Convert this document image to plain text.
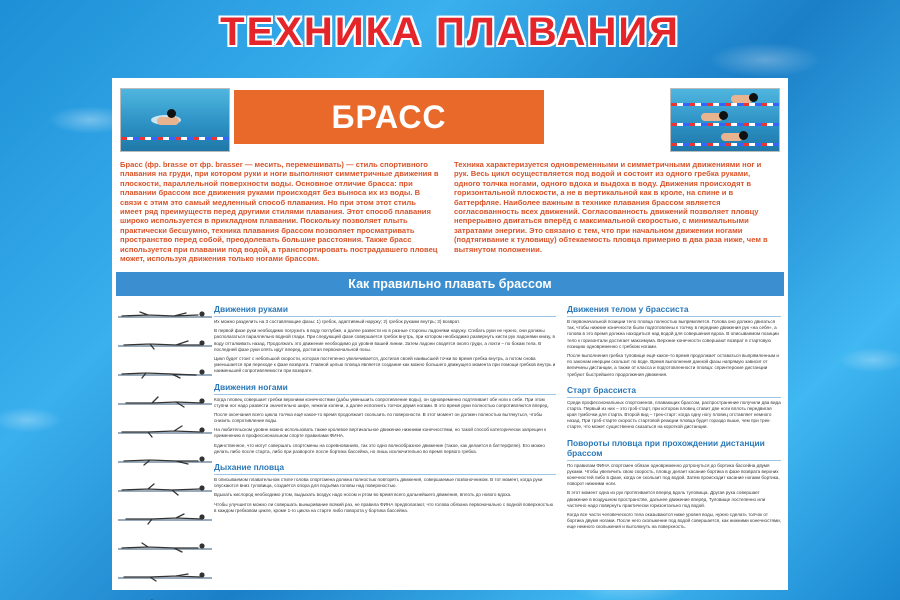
ТЕХНИКА ПЛАВАНИЯ
БРАСС
Брасс (фр. brasse от фр. brasser — месить, перемешивать) — стиль спортивного плавания на груди, при котором руки и ноги выполняют симметричные движения в плоскости, параллельной поверхности воды. Основное отличие брасса: при плавании брассом все движения руками происходят без выноса их из воды. В связи с этим это самый медленный способ плавания. Но при этом этот стиль имеет ряд преимуществ перед другими стилями плавания. Этот способ плавания широко используется в прикладном плавании. Поскольку позволяет плыть практически бесшумно, техника плавания брассом позволяет просматривать пространство перед собой, преодолевать большие расстояния. Также брасс используется при плавании под водой, а транспортировать пострадавшего пловец может, используя движения только ногами брассом.
Техника характеризуется одновременными и симметричными движениями ног и рук. Весь цикл осуществляется под водой и состоит из одного гребка руками, одного толчка ногами, одного вдоха и выдоха в воду. Движения происходят в горизонтальной плоскости, а не в вертикальной как в кроле, на спине и в баттерфляе. Наиболее важным в технике плавания брассом является согласованность всех движений. Согласованность движений позволяет пловцу непрерывно двигаться вперёд с максимальной скоростью, с минимальными затратами энергии. Это связано с тем, что при начальном движении ногами (подтягивание к туловищу) обтекаемость пловца примерно в два раза ниже, чем в вытянутом положении.
Как правильно плавать брассом
Движения руками

Их можно разделить на 3 составляющие фазы: 1) гребок, адаптивный наружу; 2) гребок руками внутрь; 3) возврат.

В первой фазе руки необходимо погрузить в воду поглубже, а далее развести их в разные стороны ладонями наружу. Сгибать руки не нужно, они должны располагаться параллельно водной глади. При следующей фазе совершается гребок внутрь, при котором необходимо развернуть кисти рук ладонями книзу, в воду отталкивать назад. Продолжать это движение необходимо до уровня вашей линии. Затем ладони сводятся около груди, а локти – по бокам тела. В последней фазе руки опять идут вперед, достигая первоначальной позы.

Цикл будет стоит с небольшой скорости, которая постепенно увеличивается, достигая своей наивысшей точки во время гребка внутрь, а потом снова уменьшается при переходе к фазе возврата. Главной целью пловца является создание как можно большего движущего момента при помощи гребков внутрь и наименьшей сопротивляемости при возврате.

Движения ногами

Когда пловец совершает гребки верхними конечностями (дабы уменьшить сопротивление воды), он одновременно подтягивает обе ноги к себе. При этом ступни ног надо развести значительно шире, нежели колени, а далее исполнить толчок двумя ногами. В это время руки полностью сопротивляются вперед.

После окончания всего цикла толчка ещё какое-то время продолжает скользить по поверхности. В этот момент он должен полностью вытянуться, чтобы снизить сопротивление воды.

На любительском уровне можно использовать также кролевое вертикальное движение нижними конечностями, но такой способ категорически запрещен к применению в профессиональном спорте правилами ФИНА.

Единственное, что могут совершать спортсмены на соревнованиях, так это одно волнообразное движение (такое, как делается в баттерфляе). Его можно делать либо после старта, либо при разворотe после бортика бассейна, но лишь исключительно во время первого гребка.

Дыхание пловца

В описываемом плавательном стиле голова спортсмена должна полностью повторять движения, совершаемые позвоночником. В тот момент, когда руки опускаются вниз туловища, создаётся опора для подъёма головы над поверхностью.

Вдыхать кислород необходимо ртом, выдыхать воздух надо носом и ртом во время всего дальнейшего движения, вплоть до нового вдоха.

Чтобы улучшится можно ли совершать выныривание всякий раз, не правила ФИНА предполагают, что голова обязана первоначально с водной поверхностью в каждом гребковом цикле, кроме 1-го цикла на старте либо поворота у бортика бассейна.

Движения телом у брассиста

В первоначальной позиции тело пловца полностью выпрямляется. Голова оно должно двигаться так, чтобы нижние конечности были подготовлены к толчку в передние движения рук «на себя», а голова в это время должна находиться над водой для совершения вдоха. В описываемом позиции тело к горизонтали достигает максимума. Верхние конечности совершают возврат в стартовую позицию одновременно с гребком ногами.

После выполнения гребка туловище ещё какое-то время продолжает оставаться выпрямленным и по законам инерции скользит по воде. Время выполнения данной фазы напрямую зависит от величины дистанции, а также от класса и подготовленности пловца: спринтерские дистанции требуют быстрейшего продолжения движения.

Старт брассиста

Среди профессиональных спортсменов, плавающих брассом, распространение получили два вида старта. Первый из них – это грэб-старт, при котором пловец ставит две ноги вплоть передвигая края тумбочки для старта. Второй вид – трек-старт: когда одну ногу пловец отставляет немного назад. При трэб-старте скорость стартовой реакции пловца будет гораздо выше, чем при трек-старте, что может существенно сказаться на короткой дистанции.

Повороты пловца при прохождении дистанции брассом

По правилам ФИНА спортсмен обязан одновременно дотронуться до бортика бассейна двумя руками. Чтобы увеличить свою скорость, пловцу делает касание бортика в фазе возврата верхних конечностей либо в фазе, когда он скользит под водой. Затем происходит касание ногами бортика, поворот нижними ноги.

В этот момент одна из рук протягивается вперед вдоль туловища. Другая рука совершает движение в воздушном пространстве, дальнее движение вперёд. Туловище постепенно или частично надо повернуть практически горизонтально под водой.

Когда все части человеческого тела оказываются ниже уровня воды, нужно сделать толчок от бортика двумя ногами. После него скольжение под водой совершается, как нижними конечностями, еще немного скольжения и вытолкнуть на поверхность.
